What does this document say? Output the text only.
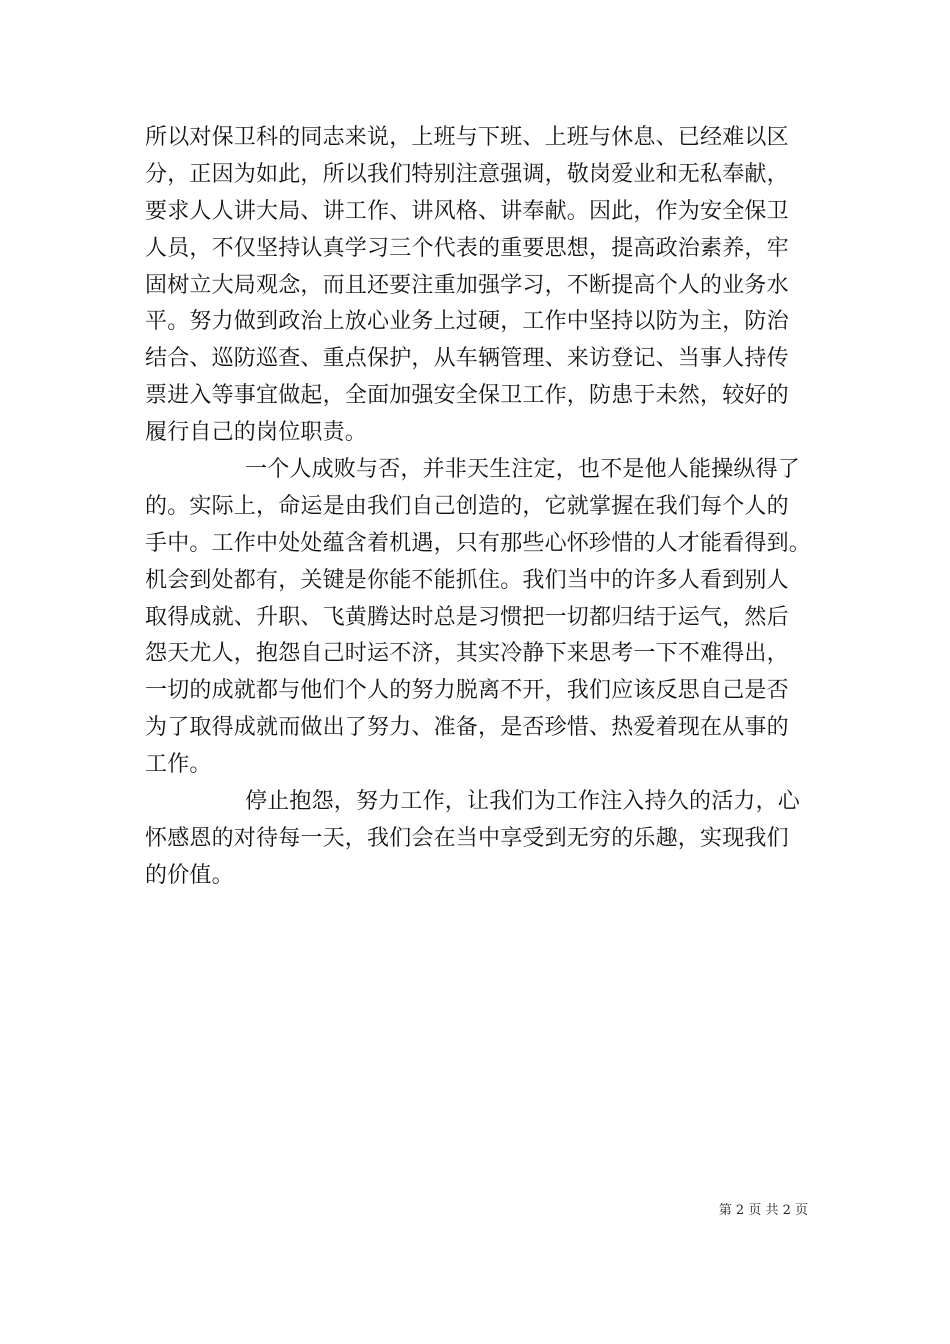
所以对保卫科的同志来说，上班与下班、上班与休息、已经难以区
分，正因为如此，所以我们特别注意强调，敬岗爱业和无私奉献，
要求人人讲大局、讲工作、讲风格、讲奉献。因此，作为安全保卫
人员，不仅坚持认真学习三个代表的重要思想，提高政治素养，牢
固树立大局观念，而且还要注重加强学习，不断提高个人的业务水
平。努力做到政治上放心业务上过硬，工作中坚持以防为主，防治
结合、巡防巡查、重点保护，从车辆管理、来访登记、当事人持传
票进入等事宜做起，全面加强安全保卫工作，防患于未然，较好的
履行自己的岗位职责。
一个人成败与否，并非天生注定，也不是他人能操纵得了
的。实际上，命运是由我们自己创造的，它就掌握在我们每个人的
手中。工作中处处蕴含着机遇，只有那些心怀珍惜的人才能看得到。
机会到处都有，关键是你能不能抓住。我们当中的许多人看到别人
取得成就、升职、飞黄腾达时总是习惯把一切都归结于运气，然后
怨天尤人，抱怨自己时运不济，其实冷静下来思考一下不难得出，
一切的成就都与他们个人的努力脱离不开，我们应该反思自己是否
为了取得成就而做出了努力、准备，是否珍惜、热爱着现在从事的
工作。
停止抱怨，努力工作，让我们为工作注入持久的活力，心
怀感恩的对待每一天，我们会在当中享受到无穷的乐趣，实现我们
的价值。
第 2 页 共 2 页
